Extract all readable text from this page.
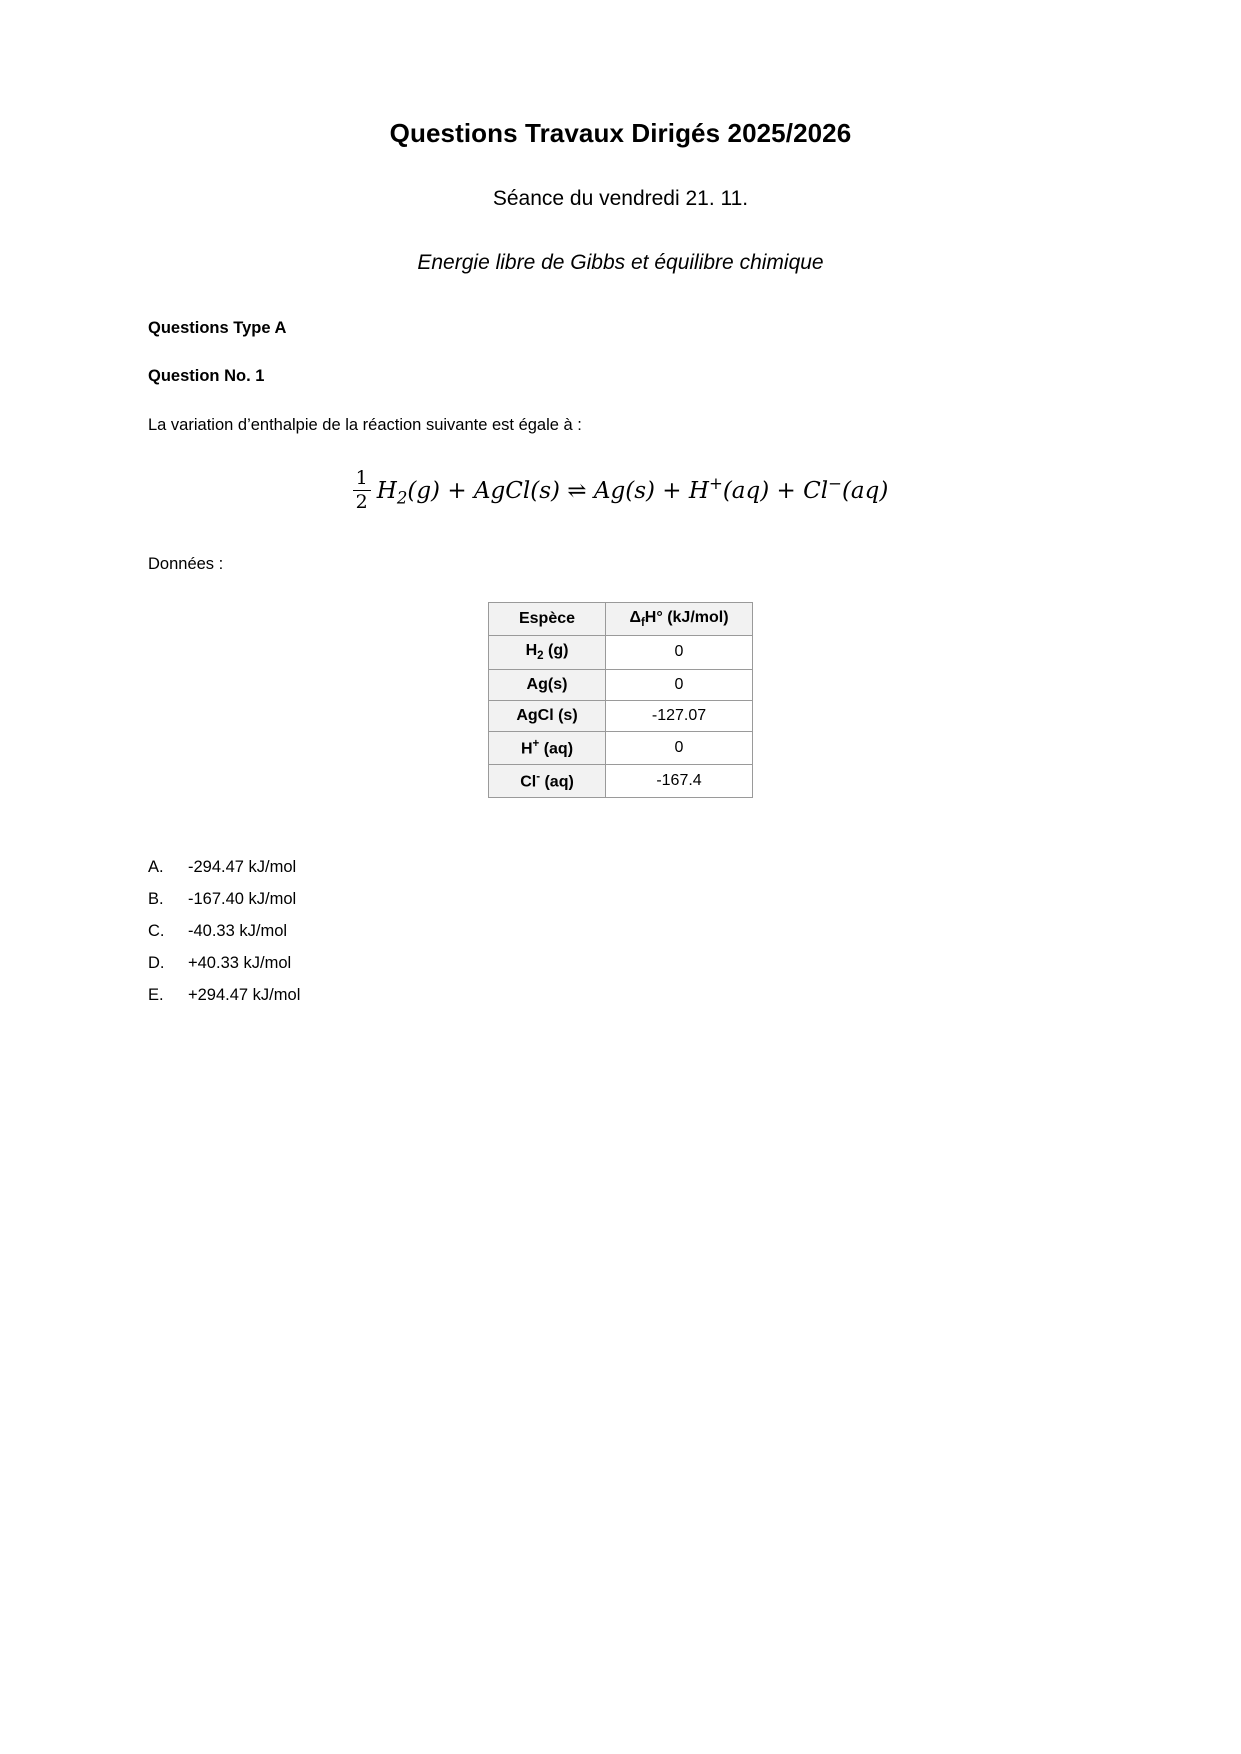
Questions Travaux Dirigés 2025/2026
Séance du vendredi 21. 11.
Energie libre de Gibbs et équilibre chimique
Questions Type A
Question No. 1

La variation d’enthalpie de la réaction suivante est égale à :

$\frac{1}{2} H_2(g)$ + AgCl(s) ⇌ Ag(s) + H+(aq) + Cl−(aq)
Données :
Espèce	$\Delta_fH^\circ$ (kJ/mol)
$H_2$ (g)	0
Ag(s)	0
AgCl (s)	-127.07
H+ (aq)	0
Cl- (aq)	-167.4
A.	-294.47 kJ/mol
B.	-167.40 kJ/mol
C.	-40.33 kJ/mol
D.	+40.33 kJ/mol
E.	+294.47 kJ/mol
